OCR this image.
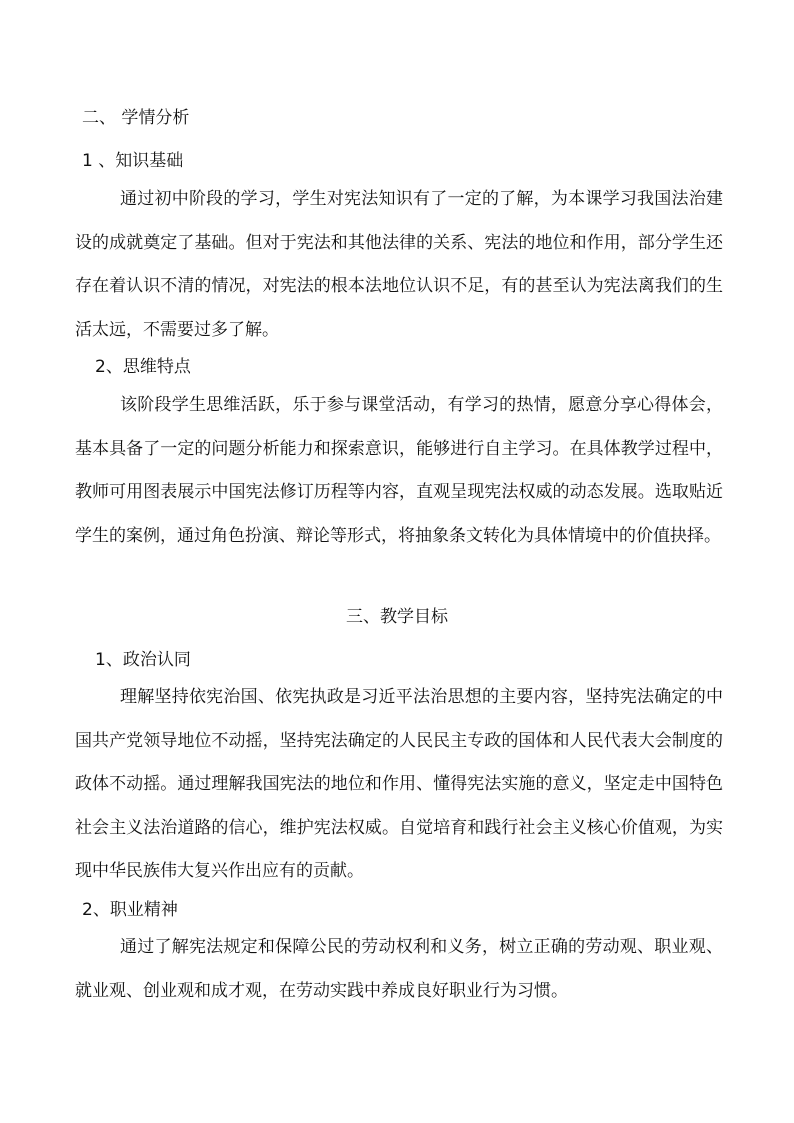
二、 学情分析
1 、知识基础

通过初中阶段的学习，学生对宪法知识有了一定的了解，为本课学习我国法治建设的成就奠定了基础。但对于宪法和其他法律的关系、宪法的地位和作用，部分学生还存在着认识不清的情况，对宪法的根本法地位认识不足，有的甚至认为宪法离我们的生活太远，不需要过多了解。

2、思维特点

该阶段学生思维活跃，乐于参与课堂活动，有学习的热情，愿意分享心得体会，基本具备了一定的问题分析能力和探索意识，能够进行自主学习。在具体教学过程中，教师可用图表展示中国宪法修订历程等内容，直观呈现宪法权威的动态发展。选取贴近学生的案例，通过角色扮演、辩论等形式，将抽象条文转化为具体情境中的价值抉择。

三、教学目标
1、政治认同

理解坚持依宪治国、依宪执政是习近平法治思想的主要内容，坚持宪法确定的中国共产党领导地位不动摇，坚持宪法确定的人民民主专政的国体和人民代表大会制度的政体不动摇。通过理解我国宪法的地位和作用、懂得宪法实施的意义，坚定走中国特色社会主义法治道路的信心，维护宪法权威。自觉培育和践行社会主义核心价值观，为实现中华民族伟大复兴作出应有的贡献。

2、职业精神

通过了解宪法规定和保障公民的劳动权利和义务，树立正确的劳动观、职业观、就业观、创业观和成才观，在劳动实践中养成良好职业行为习惯。
